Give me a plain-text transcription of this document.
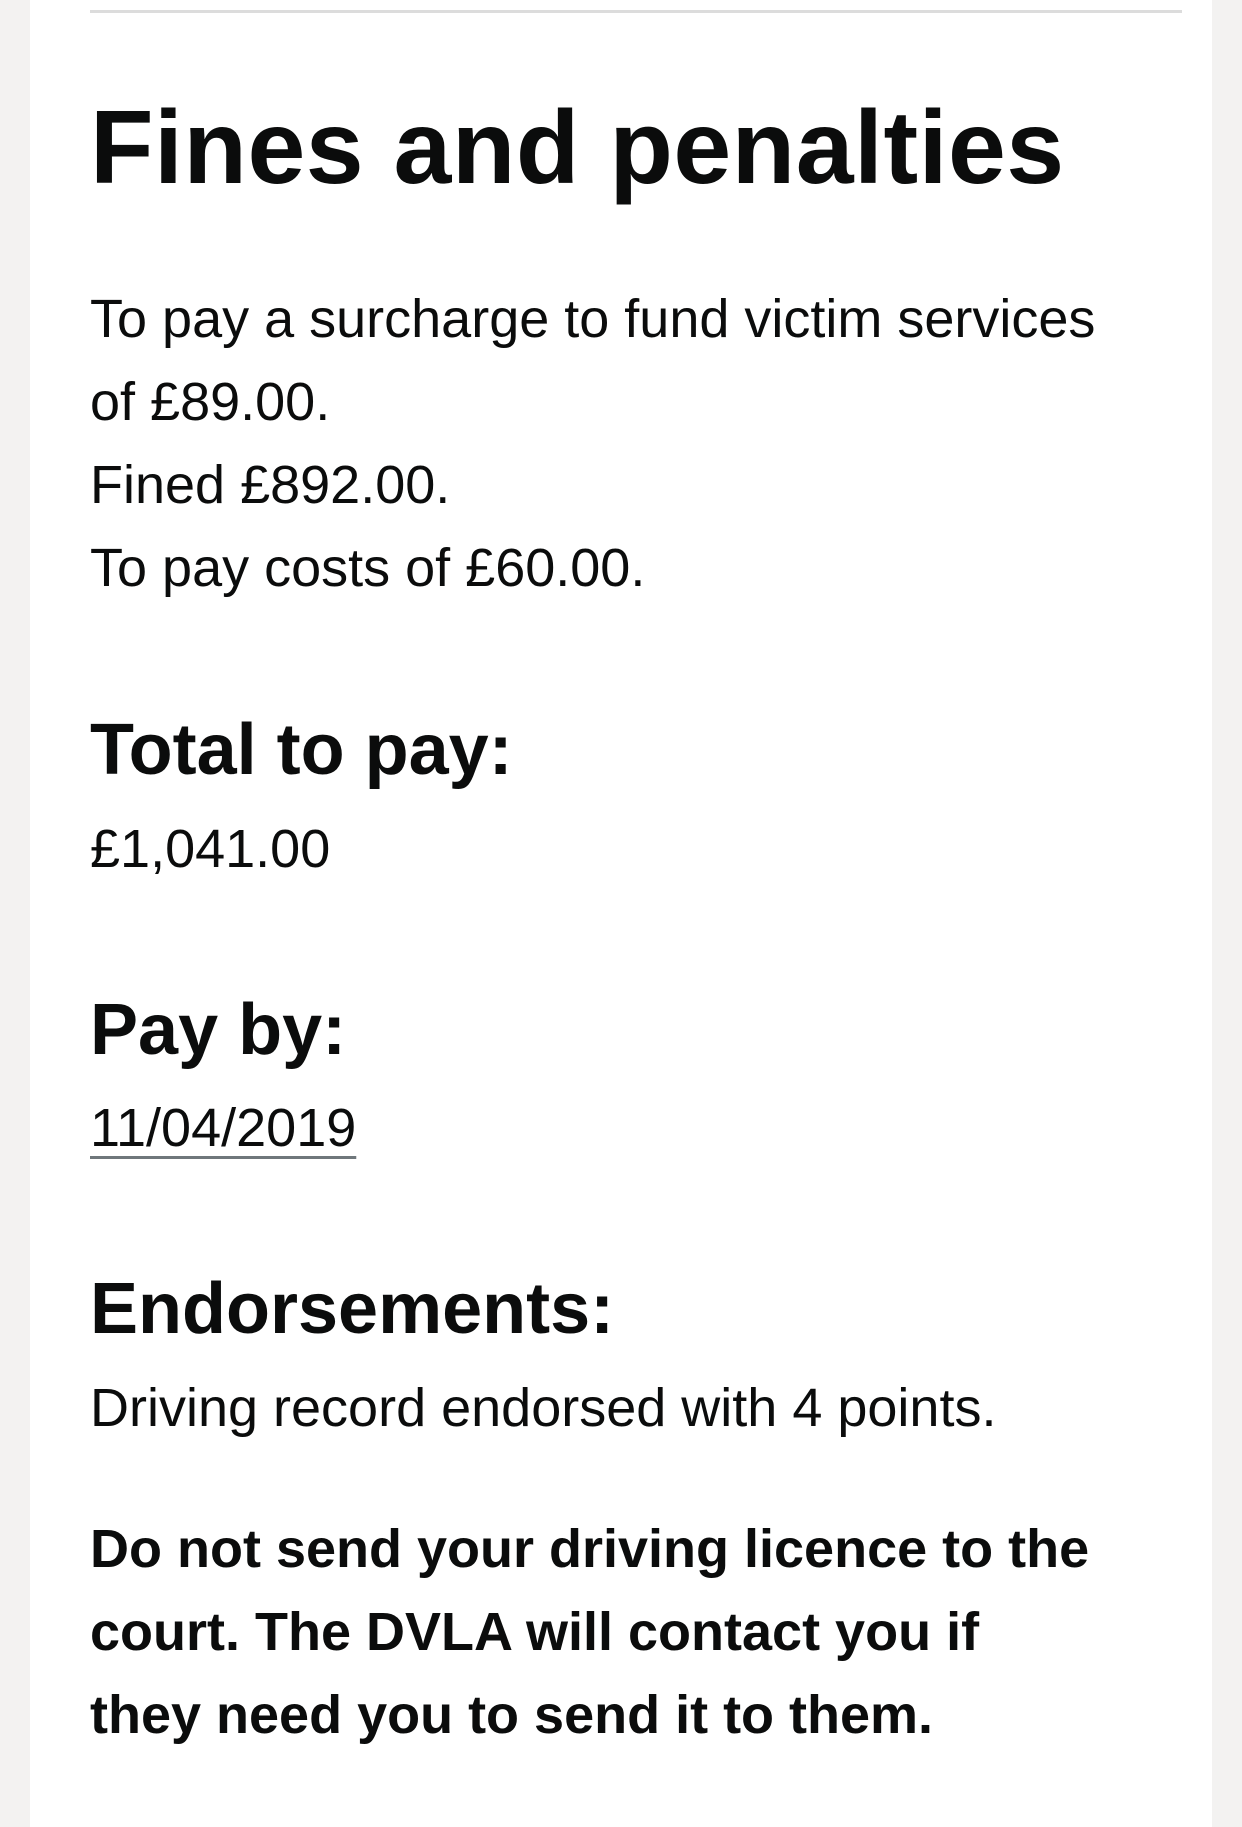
Fines and penalties

To pay a surcharge to fund victim services

of £89.00.

Fined £892.00.

To pay costs of £60.00.

Total to pay:

£1,041.00

Pay by:

11/04/2019

Endorsements:

Driving record endorsed with 4 points.

Do not send your driving licence to the

court. The DVLA will contact you if

they need you to send it to them.
